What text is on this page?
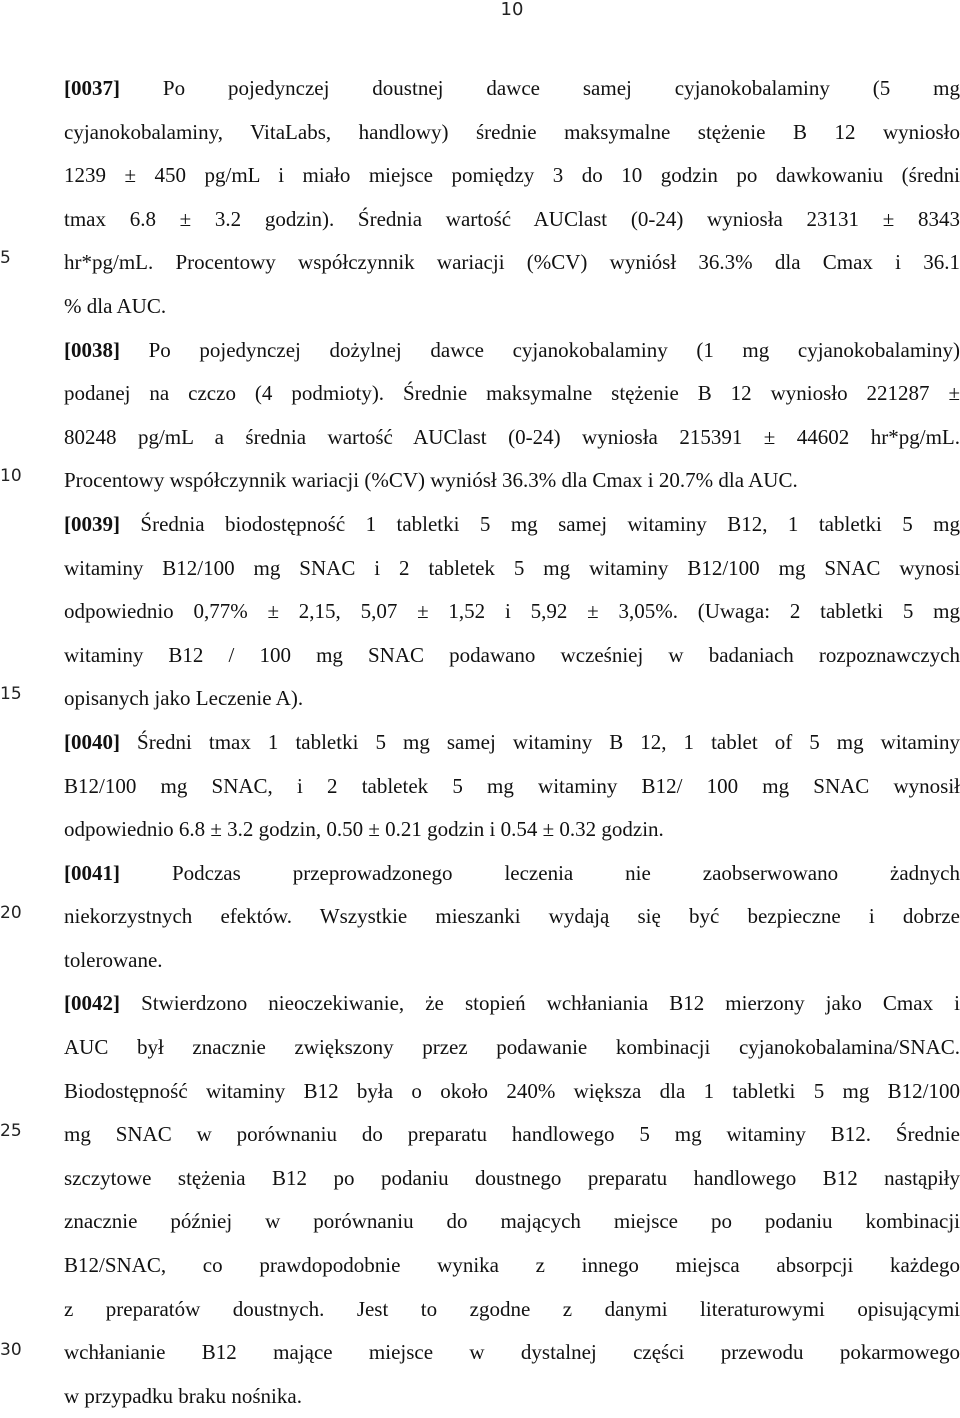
10
5
10
15
20
25
30
[0037] Po pojedynczej doustnej dawce samej cyjanokobalaminy (5 mg
cyjanokobalaminy, VitaLabs, handlowy) średnie maksymalne stężenie B 12 wyniosło
1239 ± 450 pg/mL i miało miejsce pomiędzy 3 do 10 godzin po dawkowaniu (średni
tmax 6.8 ± 3.2 godzin). Średnia wartość AUClast (0-24) wyniosła 23131 ± 8343
hr*pg/mL. Procentowy współczynnik wariacji (%CV) wyniósł 36.3% dla Cmax i 36.1
% dla AUC.
[0038] Po pojedynczej dożylnej dawce cyjanokobalaminy (1 mg cyjanokobalaminy)
podanej na czczo (4 podmioty). Średnie maksymalne stężenie B 12 wyniosło 221287 ±
80248 pg/mL a średnia wartość AUClast (0-24) wyniosła 215391 ± 44602 hr*pg/mL.
Procentowy współczynnik wariacji (%CV) wyniósł 36.3% dla Cmax i 20.7% dla AUC.
[0039] Średnia biodostępność 1 tabletki 5 mg samej witaminy B12, 1 tabletki 5 mg
witaminy B12/100 mg SNAC i 2 tabletek 5 mg witaminy B12/100 mg SNAC wynosi
odpowiednio 0,77% ± 2,15, 5,07 ± 1,52 i 5,92 ± 3,05%. (Uwaga: 2 tabletki 5 mg
witaminy B12 / 100 mg SNAC podawano wcześniej w badaniach rozpoznawczych
opisanych jako Leczenie A).
[0040] Średni tmax 1 tabletki 5 mg samej witaminy B 12, 1 tablet of 5 mg witaminy
B12/100 mg SNAC, i 2 tabletek 5 mg witaminy B12/ 100 mg SNAC wynosił
odpowiednio 6.8 ± 3.2 godzin, 0.50 ± 0.21 godzin i 0.54 ± 0.32 godzin.
[0041] Podczas przeprowadzonego leczenia nie zaobserwowano żadnych
niekorzystnych efektów. Wszystkie mieszanki wydają się być bezpieczne i dobrze
tolerowane.
[0042] Stwierdzono nieoczekiwanie, że stopień wchłaniania B12 mierzony jako Cmax i
AUC był znacznie zwiększony przez podawanie kombinacji cyjanokobalamina/SNAC.
Biodostępność witaminy B12 była o około 240% większa dla 1 tabletki 5 mg B12/100
mg SNAC w porównaniu do preparatu handlowego 5 mg witaminy B12. Średnie
szczytowe stężenia B12 po podaniu doustnego preparatu handlowego B12 nastąpiły
znacznie później w porównaniu do mających miejsce po podaniu kombinacji
B12/SNAC, co prawdopodobnie wynika z innego miejsca absorpcji każdego
z preparatów doustnych. Jest to zgodne z danymi literaturowymi opisującymi
wchłanianie B12 mające miejsce w dystalnej części przewodu pokarmowego
w przypadku braku nośnika.
